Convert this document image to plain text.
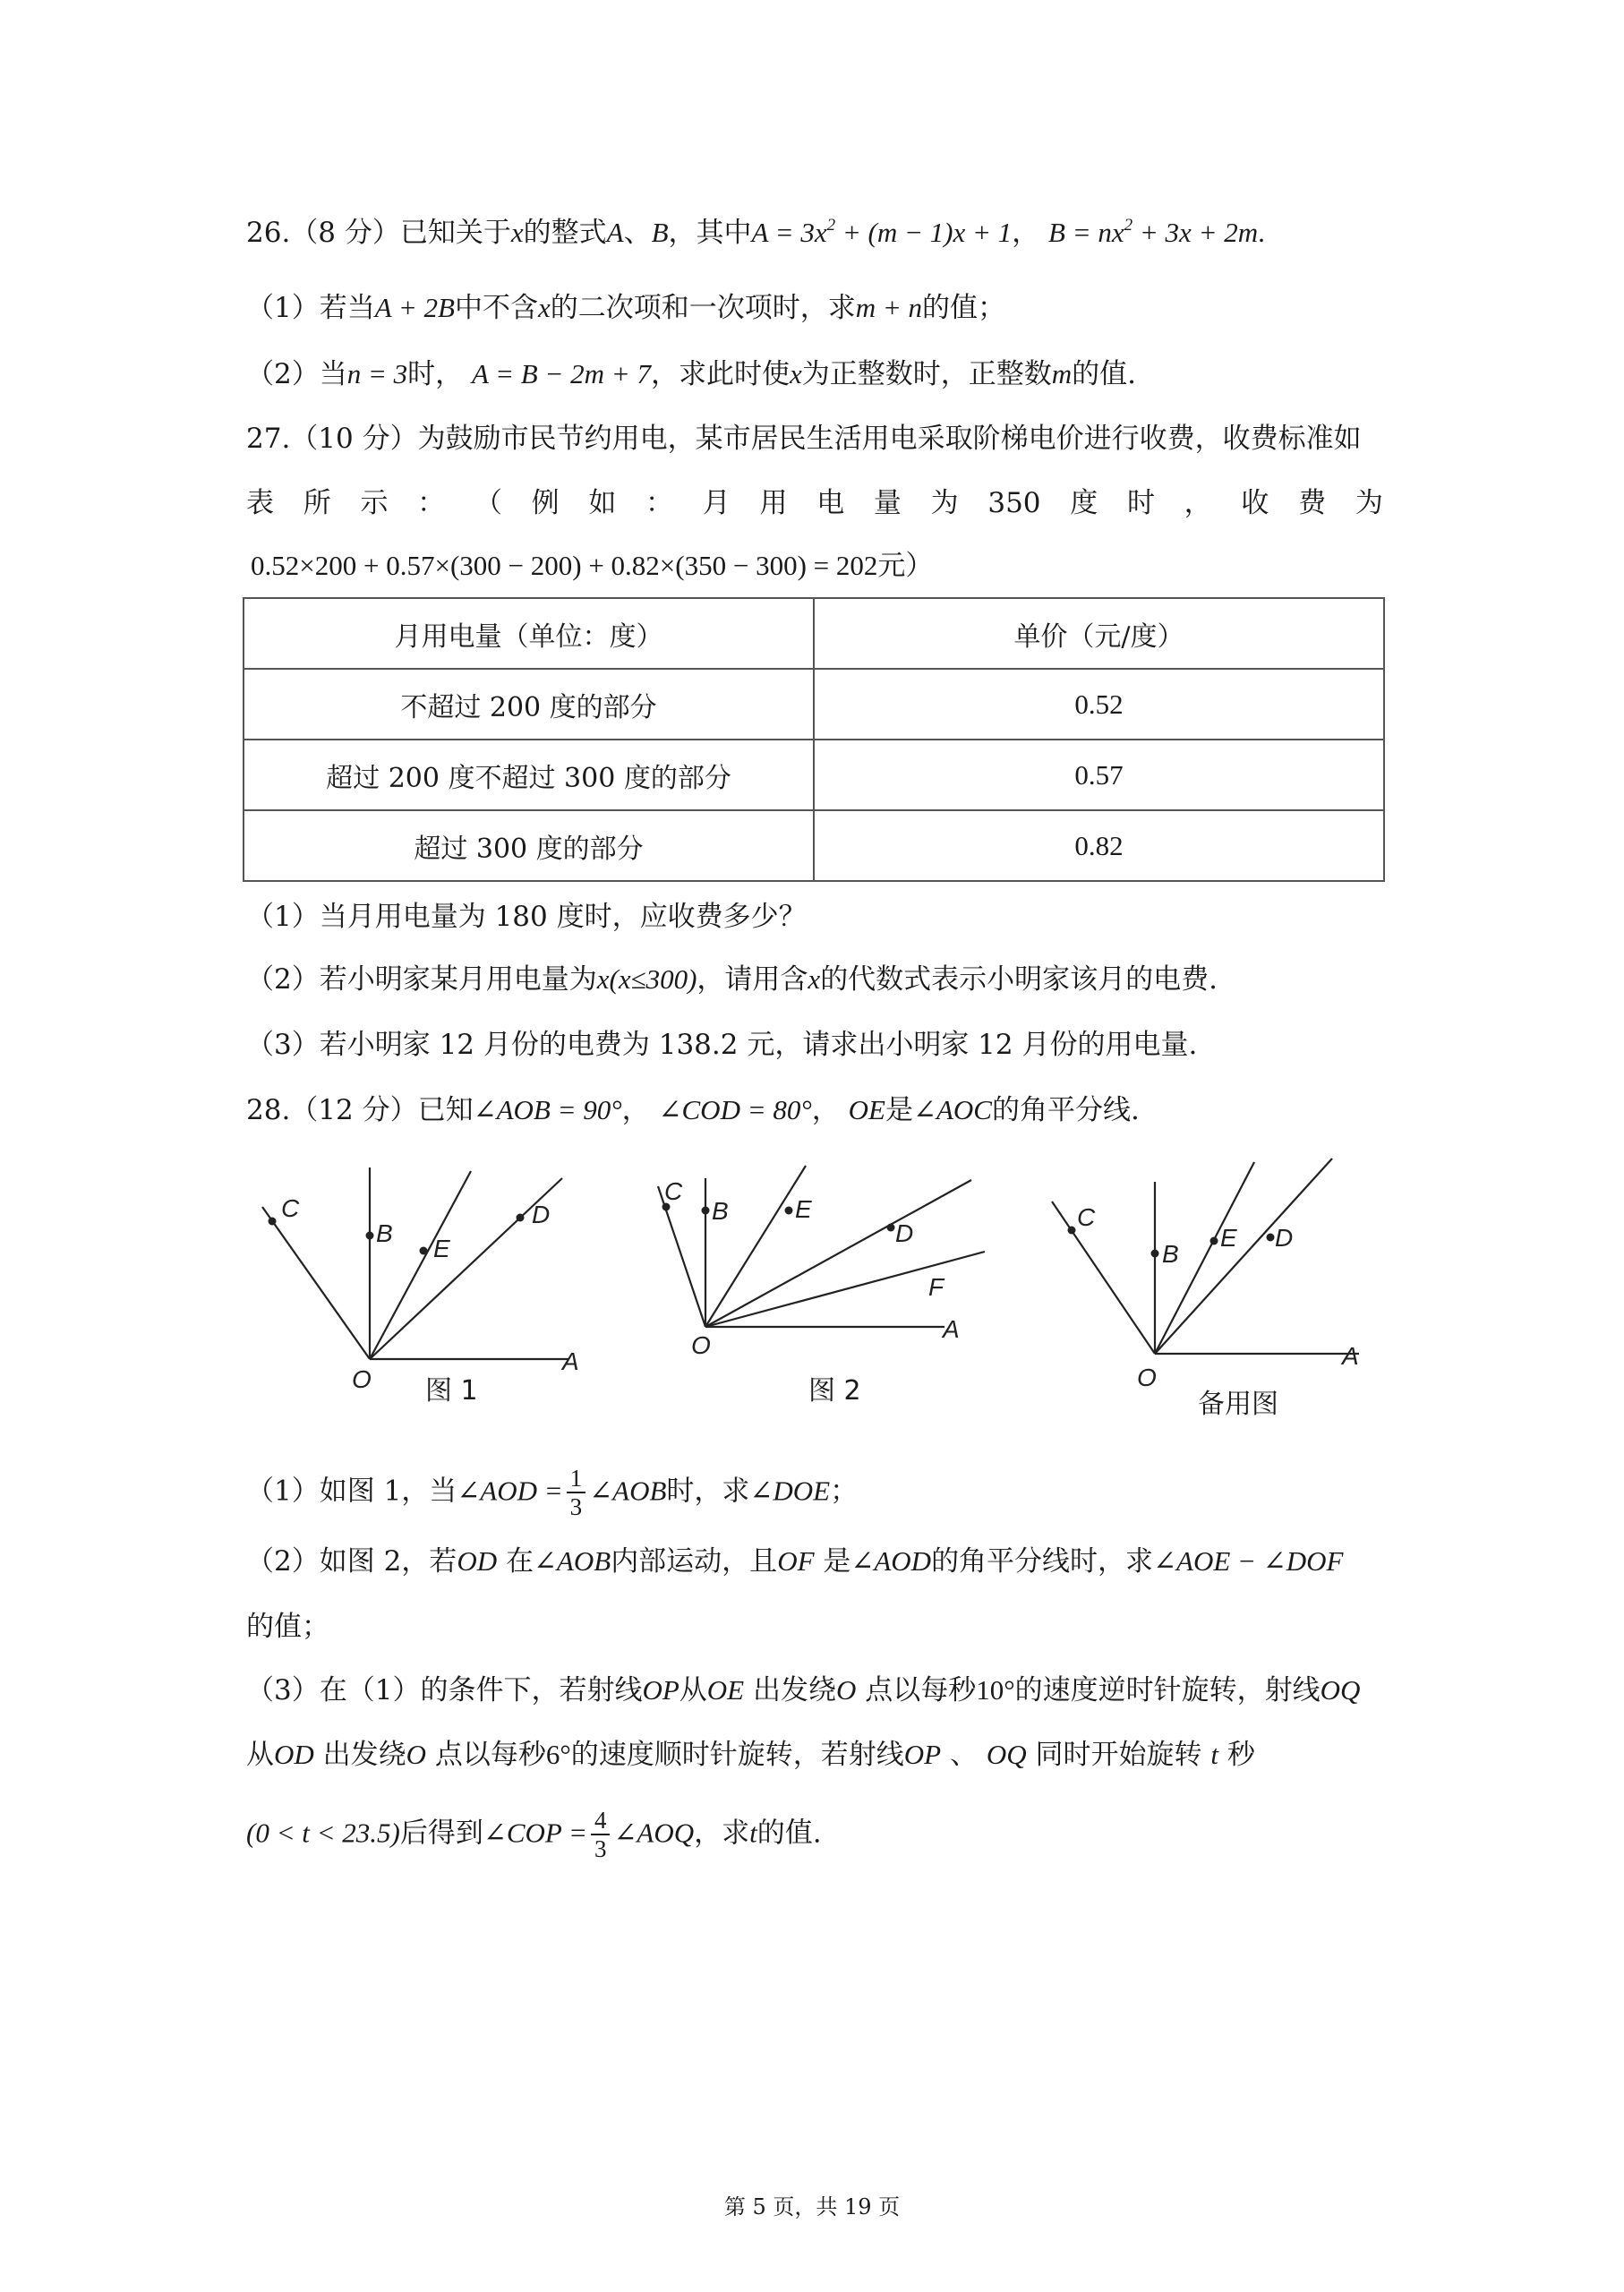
26.（8 分）已知关于x的整式A、B，其中$A = 3x^2 + (m - 1)x + 1$， $B = nx^2 + 3x + 2m$.
（1）若当A + 2B中不含x的二次项和一次项时，求m + n的值；
（2）当n = 3时， A = B − 2m + 7，求此时使x为正整数时，正整数m的值.
27.（10 分）为鼓励市民节约用电，某市居民生活用电采取阶梯电价进行收费，收费标准如
表 所 示 ： （ 例 如 ： 月 用 电 量 为 350 度 时 ， 收 费 为
0.52×200 + 0.57×(300 − 200) + 0.82×(350 − 300) = 202元）
月用电量（单位：度）	单价（元/度）
不超过 200 度的部分	0.52
超过 200 度不超过 300 度的部分	0.57
超过 300 度的部分	0.82
（1）当月用电量为 180 度时，应收费多少？
（2）若小明家某月用电量为x(x≤300)，请用含x的代数式表示小明家该月的电费.
（3）若小明家 12 月份的电费为 138.2 元，请求出小明家 12 月份的用电量.
28.（12 分）已知∠AOB = 90°， ∠COD = 80°， OE是∠AOC的角平分线.
C
B
E
D
O
A
C
B	E
D
F
O
A
C
B
E D
O
A
图 1	图 2	备用图
（1）如图 1，当∠AOD = $\frac{1}{3}$ ∠AOB时，求∠DOE；
（2）如图 2，若OD 在∠AOB内部运动，且OF 是∠AOD的角平分线时，求∠AOE − ∠DOF
的值；
（3）在（1）的条件下，若射线OP从OE 出发绕O 点以每秒10°的速度逆时针旋转，射线OQ
从OD 出发绕O 点以每秒6°的速度顺时针旋转，若射线OP 、 OQ 同时开始旋转 t 秒
(0 < t < 23.5)后得到∠COP = $\frac{4}{3}$ ∠AOQ，求t的值.
第 5 页，共 19 页
